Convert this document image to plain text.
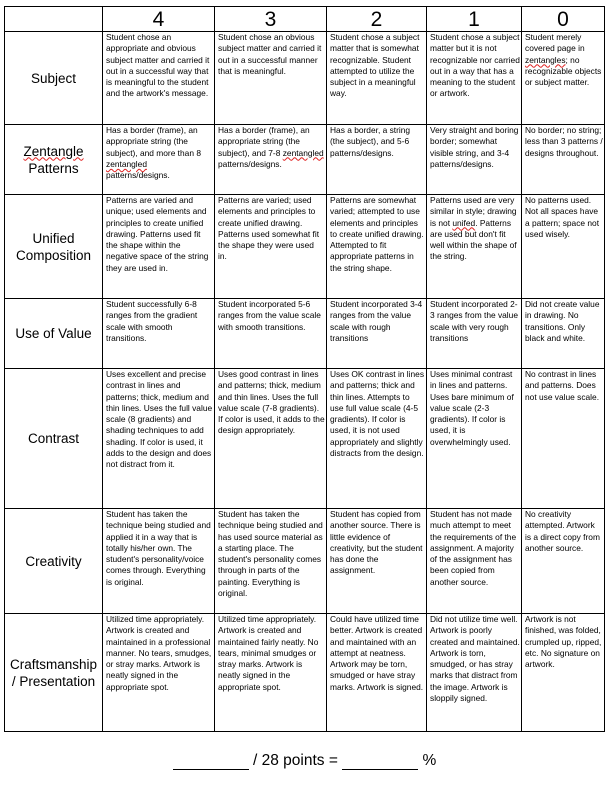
	4	3	2	1	0
Subject	Student chose an appropriate and obvious subject matter and carried it out in a successful way that is meaningful to the student and the artwork's message.	Student chose an obvious subject matter and carried it out in a successful manner that is meaningful.	Student chose a subject matter that is somewhat recognizable. Student attempted to utilize the subject in a meaningful way.	Student chose a subject matter but it is not recognizable nor carried out in a way that has a meaning to the student or artwork.	Student merely covered page in zentangles; no recognizable objects or subject matter.
Zentangle Patterns	Has a border (frame), an appropriate string (the subject), and more than 8 zentangled patterns/designs.	Has a border (frame), an appropriate string (the subject), and 7-8 zentangled patterns/designs.	Has a border, a string (the subject), and 5-6 patterns/designs.	Very straight and boring border; somewhat visible string, and 3-4 patterns/designs.	No border; no string; less than 3 patterns / designs throughout.
Unified Composition	Patterns are varied and unique; used elements and principles to create unified drawing. Patterns used fit the shape within the negative space of the string they are used in.	Patterns are varied; used elements and principles to create unified drawing. Patterns used somewhat fit the shape they were used in.	Patterns are somewhat varied; attempted to use elements and principles to create unified drawing. Attempted to fit appropriate patterns in the string shape.	Patterns used are very similar in style; drawing is not unifed. Patterns are used but don't fit well within the shape of the string.	No patterns used. Not all spaces have a pattern; space not used wisely.
Use of Value	Student successfully 6-8 ranges from the gradient scale with smooth transitions.	Student incorporated 5-6 ranges from the value scale with smooth transitions.	Student incorporated 3-4 ranges from the value scale with rough transitions	Student incorporated 2-3 ranges from the value scale with very rough transitions	Did not create value in drawing. No transitions. Only black and white.
Contrast	Uses excellent and precise contrast in lines and patterns; thick, medium and thin lines. Uses the full value scale (8 gradients) and shading techniques to add shading. If color is used, it adds to the design and does not distract from it.	Uses good contrast in lines and patterns; thick, medium and thin lines. Uses the full value scale (7-8 gradients). If color is used, it adds to the design appropriately.	Uses OK contrast in lines and patterns; thick and thin lines. Attempts to use full value scale (4-5 gradients). If color is used, it is not used appropriately and slightly distracts from the design.	Uses minimal contrast in lines and patterns. Uses bare minimum of value scale (2-3 gradients). If color is used, it is overwhelmingly used.	No contrast in lines and patterns. Does not use value scale.
Creativity	Student has taken the technique being studied and applied it in a way that is totally his/her own. The student's personality/voice comes through. Everything is original.	Student has taken the technique being studied and has used source material as a starting place. The student's personality comes through in parts of the painting. Everything is original.	Student has copied from another source. There is little evidence of creativity, but the student has done the assignment.	Student has not made much attempt to meet the requirements of the assignment. A majority of the assignment has been copied from another source.	No creativity attempted. Artwork is a direct copy from another source.
Craftsmanship / Presentation	Utilized time appropriately. Artwork is created and maintained in a professional manner. No tears, smudges, or stray marks. Artwork is neatly signed in the appropriate spot.	Utilized time appropriately. Artwork is created and maintained fairly neatly. No tears, minimal smudges or stray marks. Artwork is neatly signed in the appropriate spot.	Could have utilized time better. Artwork is created and maintained with an attempt at neatness. Artwork may be torn, smudged or have stray marks. Artwork is signed.	Did not utilize time well. Artwork is poorly created and maintained. Artwork is torn, smudged, or has stray marks that distract from the image. Artwork is sloppily signed.	Artwork is not finished, was folded, crumpled up, ripped, etc. No signature on artwork.
/ 28 points =	%
